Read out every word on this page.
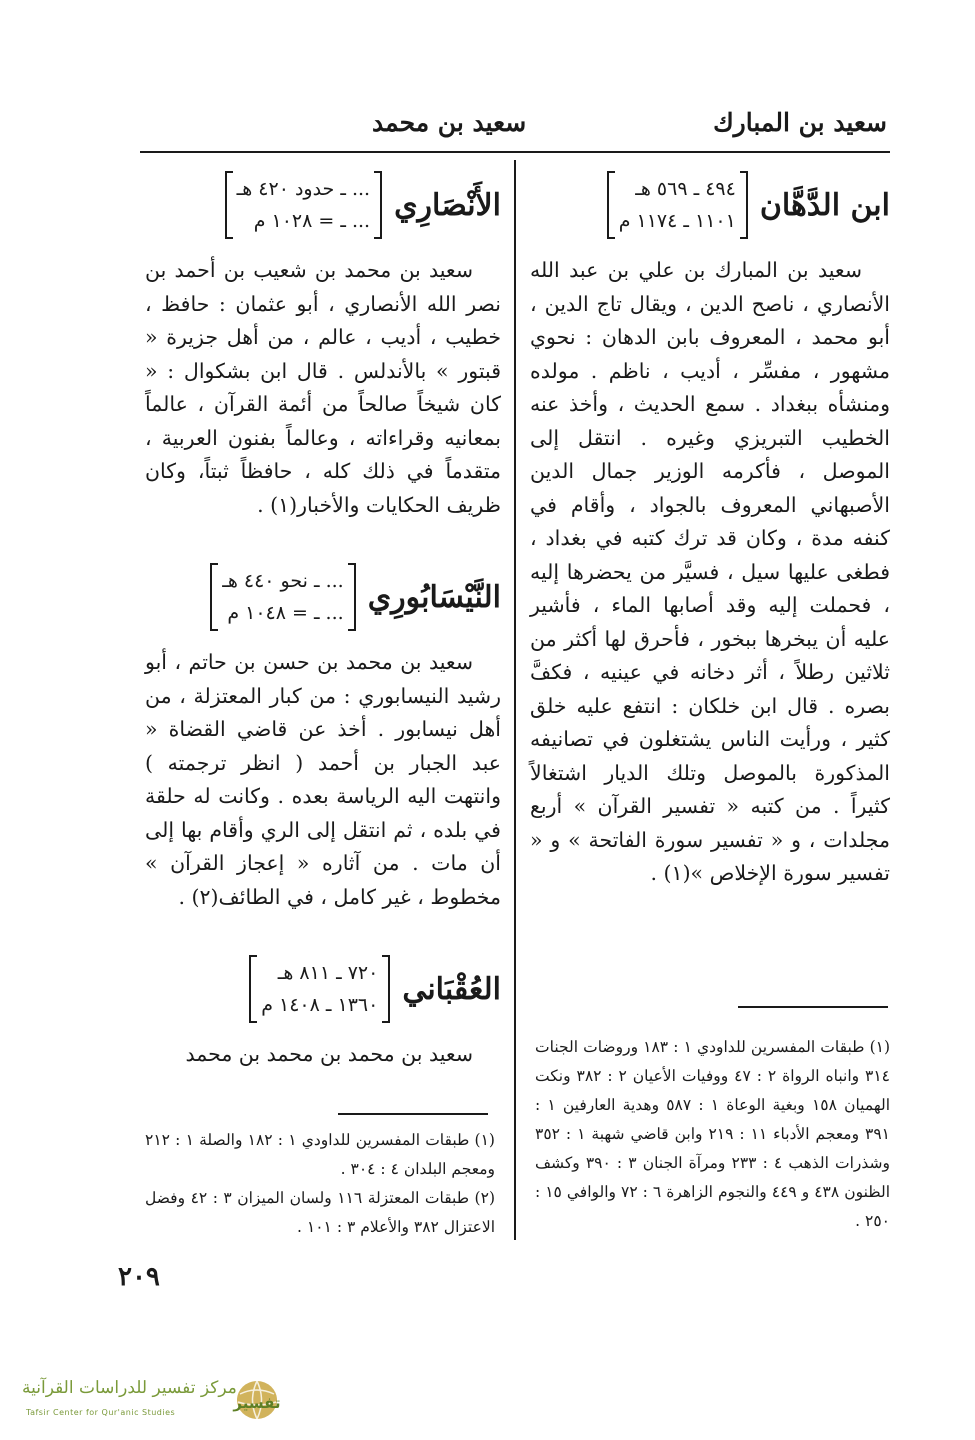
سعيد بن المبارك
سعيد بن محمد
ابن الدَّهَّان
٤٩٤ ـ ٥٦٩ هـ
١١٠١ ـ ١١٧٤ م

سعيد بن المبارك بن علي بن عبد الله الأنصاري ، ناصح الدين ، ويقال تاج الدين ، أبو محمد ، المعروف بابن الدهان : نحوي مشهور ، مفسِّر ، أديب ، ناظم . مولده ومنشأه ببغداد . سمع الحديث ، وأخذ عنه الخطيب التبريزي وغيره . انتقل إلى الموصل ، فأكرمه الوزير جمال الدين الأصبهاني المعروف بالجواد ، وأقام في كنفه مدة ، وكان قد ترك كتبه في بغداد ، فطغى عليها سيل ، فسيَّر من يحضرها إليه ، فحملت إليه وقد أصابها الماء ، فأشير عليه أن يبخرها ببخور ، فأحرق لها أكثر من ثلاثين رطلاً ، أثر دخانه في عينيه ، فكفَّ بصره . قال ابن خلكان : انتفع عليه خلق كثير ، ورأيت الناس يشتغلون في تصانيفه المذكورة بالموصل وتلك الديار اشتغالاً كثيراً . من كتبه « تفسير القرآن » أربع مجلدات ، و « تفسير سورة الفاتحة » و « تفسير سورة الإخلاص »(١) .

(١) طبقات المفسرين للداودي ١ : ١٨٣ وروضات الجنات ٣١٤ وانباه الرواة ٢ : ٤٧ ووفيات الأعيان ٢ : ٣٨٢ ونكت الهميان ١٥٨ وبغية الوعاة ١ : ٥٨٧ وهدية العارفين ١ : ٣٩١ ومعجم الأدباء ١١ : ٢١٩ وابن قاضي شهبة ١ : ٣٥٢ وشذرات الذهب ٤ : ٢٣٣ ومرآة الجنان ٣ : ٣٩٠ وكشف الظنون ٤٣٨ و ٤٤٩ والنجوم الزاهرة ٦ : ٧٢ والوافي ١٥ : ٢٥٠ .

الأَنْصَارِي
... ـ حدود ٤٢٠ هـ
... ـ = ١٠٢٨ م

سعيد بن محمد بن شعيب بن أحمد بن نصر الله الأنصاري ، أبو عثمان : حافظ ، خطيب ، أديب ، عالم ، من أهل جزيرة « قبتور » بالأندلس . قال ابن بشكوال : « كان شيخاً صالحاً من أئمة القرآن ، عالماً بمعانيه وقراءاته ، وعالماً بفنون العربية ، متقدماً في ذلك كله ، حافظاً ثبتاً، وكان ظريف الحكايات والأخبار(١) .

النَّيْسَابُورِي
... ـ نحو ٤٤٠ هـ
... ـ = ١٠٤٨ م

سعيد بن محمد بن حسن بن حاتم ، أبو رشيد النيسابوري : من كبار المعتزلة ، من أهل نيسابور . أخذ عن قاضي القضاة « عبد الجبار بن أحمد ( انظر ترجمته ) وانتهت اليه الرياسة بعده . وكانت له حلقة في بلده ، ثم انتقل إلى الري وأقام بها إلى أن مات . من آثاره « إعجاز القرآن » مخطوط ، غير كامل ، في الطائف(٢) .

العُقْبَاني
٧٢٠ ـ ٨١١ هـ
١٣٦٠ ـ ١٤٠٨ م

سعيد بن محمد بن محمد بن محمد

(١) طبقات المفسرين للداودي ١ : ١٨٢ والصلة ١ : ٢١٢ ومعجم البلدان ٤ : ٣٠٤ .

(٢) طبقات المعتزلة ١١٦ ولسان الميزان ٣ : ٤٢ وفضل الاعتزال ٣٨٢ والأعلام ٣ : ١٠١ .

٢٠٩
مركز تفسير للدراسات القرآنية
Tafsir Center for Qur'anic Studies
تفسير
